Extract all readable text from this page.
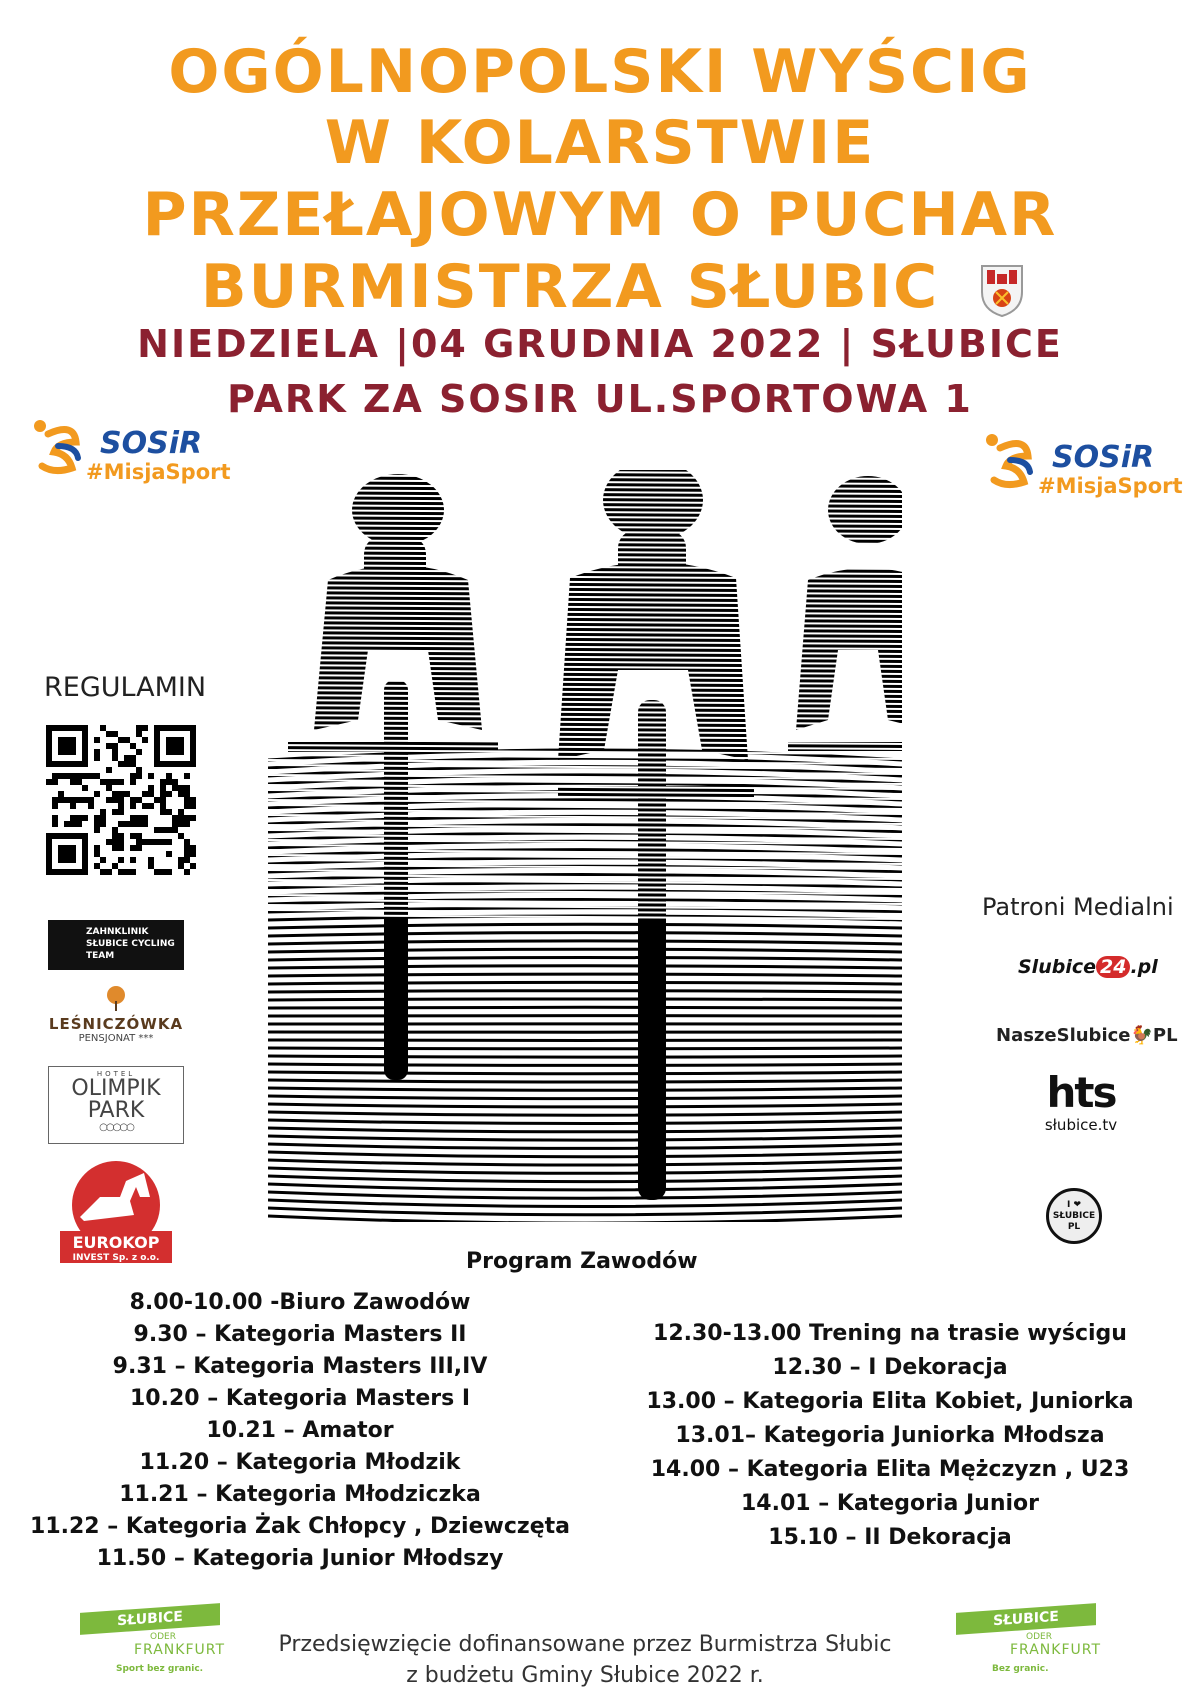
OGÓLNOPOLSKI WYŚCIG
W KOLARSTWIE
PRZEŁAJOWYM O PUCHAR
BURMISTRZA SŁUBIC
NIEDZIELA |04 GRUDNIA 2022 | SŁUBICE
PARK ZA SOSIR UL.SPORTOWA 1
SOSiR
#MisjaSport	SOSiR
#MisjaSport
REGULAMIN
ZAHNKLINIK SŁUBICE CYCLING TEAM
LEŚNICZÓWKA
PENSJONAT ***
HOTEL
OLIMPIK
PARK
○○○○○
EUROKOP
INVEST Sp. z o.o.
Patroni Medialni
Slubice 24 .pl
NaszeSlubice🐓PL
hts
słubice.tv
I ❤
SŁUBICE
PL
Program Zawodów
8.00-10.00 -Biuro Zawodów
9.30 – Kategoria Masters II
9.31 – Kategoria Masters III,IV
10.20 – Kategoria Masters I
10.21 – Amator
11.20 – Kategoria Młodzik
11.21 – Kategoria Młodziczka
11.22 – Kategoria Żak Chłopcy , Dziewczęta
11.50 – Kategoria Junior Młodszy
12.30-13.00 Trening na trasie wyścigu
12.30 – I Dekoracja
13.00 – Kategoria Elita Kobiet, Juniorka
13.01– Kategoria Juniorka Młodsza
14.00 – Kategoria Elita Mężczyzn , U23
14.01 – Kategoria Junior
15.10 – II Dekoracja
SŁUBICE
ODER
FRANKFURT
Sport bez granic.
SŁUBICE
ODER
FRANKFURT
Bez granic.
Przedsięwzięcie dofinansowane przez Burmistrza Słubic
z budżetu Gminy Słubice 2022 r.
